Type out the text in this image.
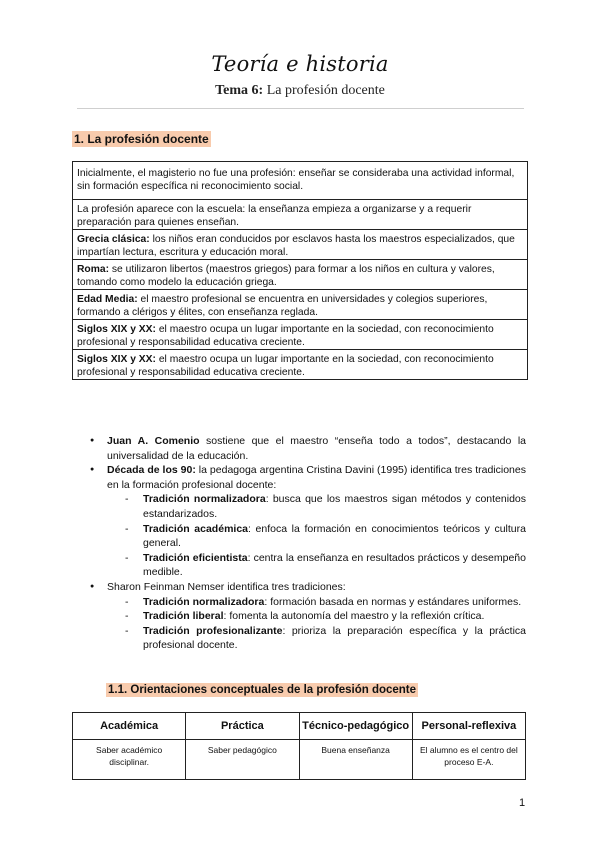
Teoría e historia
Tema 6: La profesión docente
1. La profesión docente
Inicialmente, el magisterio no fue una profesión: enseñar se consideraba una actividad informal, sin formación específica ni reconocimiento social.
La profesión aparece con la escuela: la enseñanza empieza a organizarse y a requerir preparación para quienes enseñan.
Grecia clásica: los niños eran conducidos por esclavos hasta los maestros especializados, que impartían lectura, escritura y educación moral.
Roma: se utilizaron libertos (maestros griegos) para formar a los niños en cultura y valores, tomando como modelo la educación griega.
Edad Media: el maestro profesional se encuentra en universidades y colegios superiores, formando a clérigos y élites, con enseñanza reglada.
Siglos XIX y XX: el maestro ocupa un lugar importante en la sociedad, con reconocimiento profesional y responsabilidad educativa creciente.
Siglos XIX y XX: el maestro ocupa un lugar importante en la sociedad, con reconocimiento profesional y responsabilidad educativa creciente.
● Juan A. Comenio sostiene que el maestro “enseña todo a todos”, destacando la universalidad de la educación.
● Década de los 90: la pedagoga argentina Cristina Davini (1995) identifica tres tradiciones en la formación profesional docente:
- Tradición normalizadora: busca que los maestros sigan métodos y contenidos estandarizados.
- Tradición académica: enfoca la formación en conocimientos teóricos y cultura general.
- Tradición eficientista: centra la enseñanza en resultados prácticos y desempeño medible.
● Sharon Feinman Nemser identifica tres tradiciones:
- Tradición normalizadora: formación basada en normas y estándares uniformes.
- Tradición liberal: fomenta la autonomía del maestro y la reflexión crítica.
- Tradición profesionalizante: prioriza la preparación específica y la práctica profesional docente.
1.1. Orientaciones conceptuales de la profesión docente
Académica	Práctica	Técnico-pedagógico	Personal-reflexiva
Saber académico disciplinar.	Saber pedagógico	Buena enseñanza	El alumno es el centro del proceso E-A.
1
